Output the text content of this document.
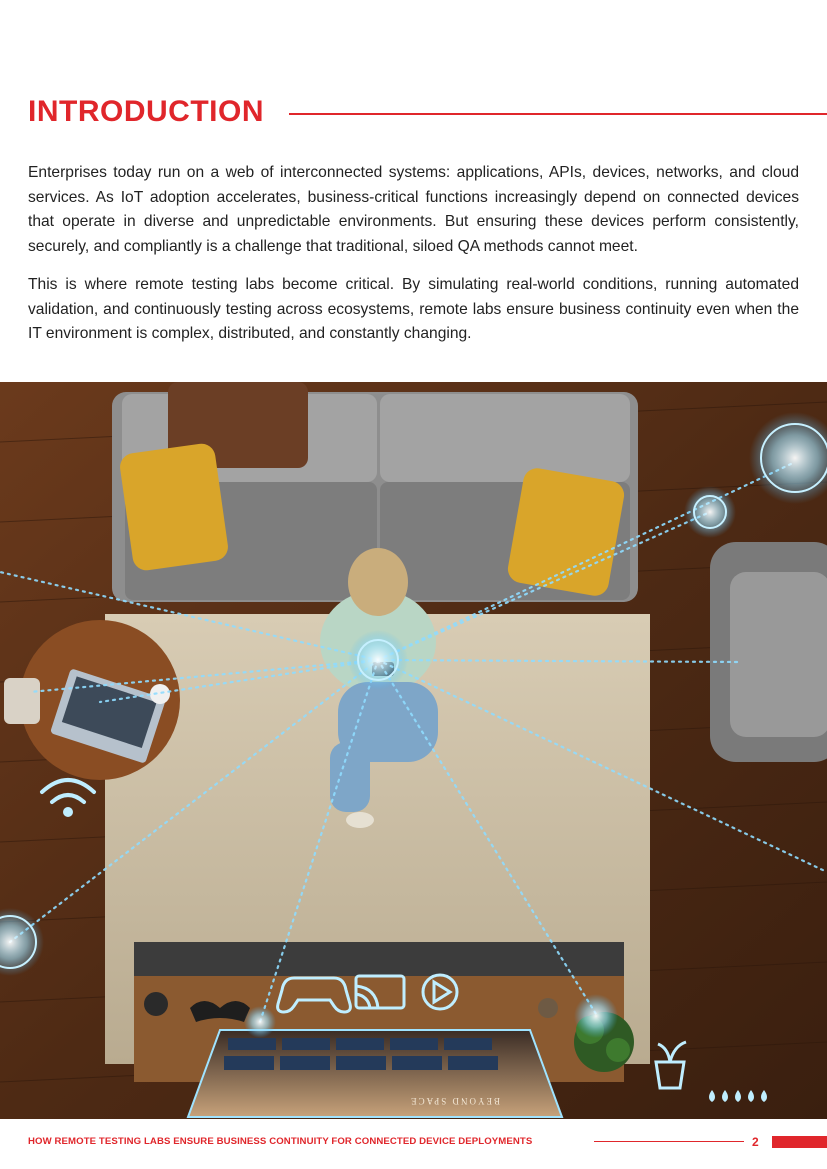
INTRODUCTION

Enterprises today run on a web of interconnected systems: applications, APIs, devices, networks, and cloud services. As IoT adoption accelerates, business-critical functions increasingly depend on connected devices that operate in diverse and unpredictable environments. But ensuring these devices perform consistently, securely, and compliantly is a challenge that traditional, siloed QA methods cannot meet.

This is where remote testing labs become critical. By simulating real-world conditions, running automated validation, and continuously testing across ecosystems, remote labs ensure business continuity even when the IT environment is complex, distributed, and constantly changing.

BEYOND SPACE
HOW REMOTE TESTING LABS ENSURE BUSINESS CONTINUITY FOR CONNECTED DEVICE DEPLOYMENTS	2
